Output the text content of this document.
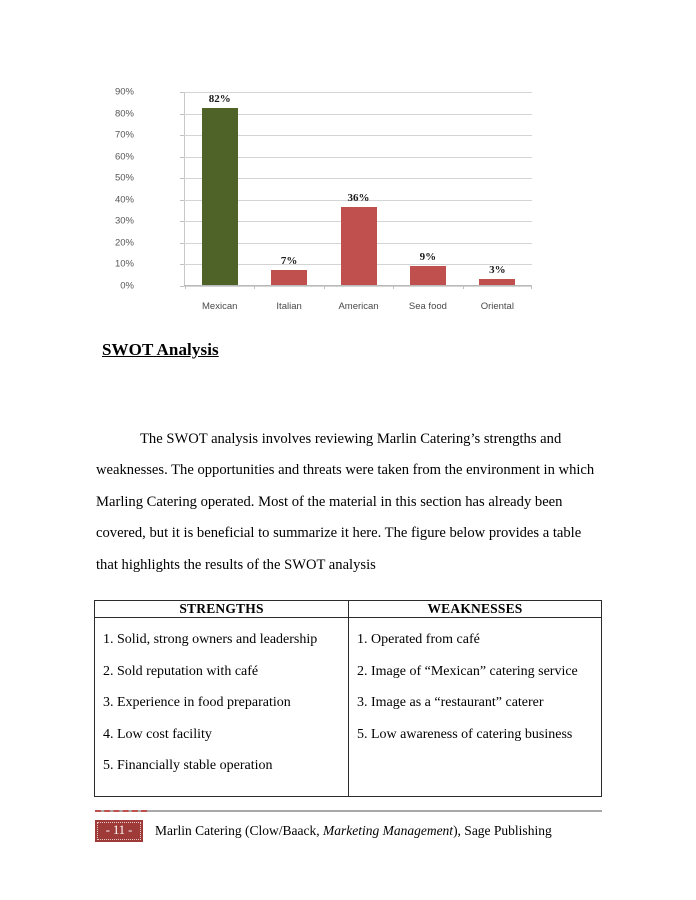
82%
7%
36%
9%
3%
90%
80%
70%
60%
50%
40%
30%
20%
10%
0%
Mexican	Italian	American	Sea food	Oriental
SWOT Analysis

The SWOT analysis involves reviewing Marlin Catering’s strengths and weaknesses. The opportunities and threats were taken from the environment in which Marling Catering operated. Most of the material in this section has already been covered, but it is beneficial to summarize it here. The figure below provides a table that highlights the results of the SWOT analysis

STRENGTHS	WEAKNESSES

1. Solid, strong owners and leadership
2. Sold reputation with café
3. Experience in food preparation
4. Low cost facility
5. Financially stable operation

1. Operated from café
2. Image of “Mexican” catering service
3. Image as a “restaurant” caterer
5. Low awareness of catering business
- 11 -	Marlin Catering (Clow/Baack, Marketing Management), Sage Publishing
